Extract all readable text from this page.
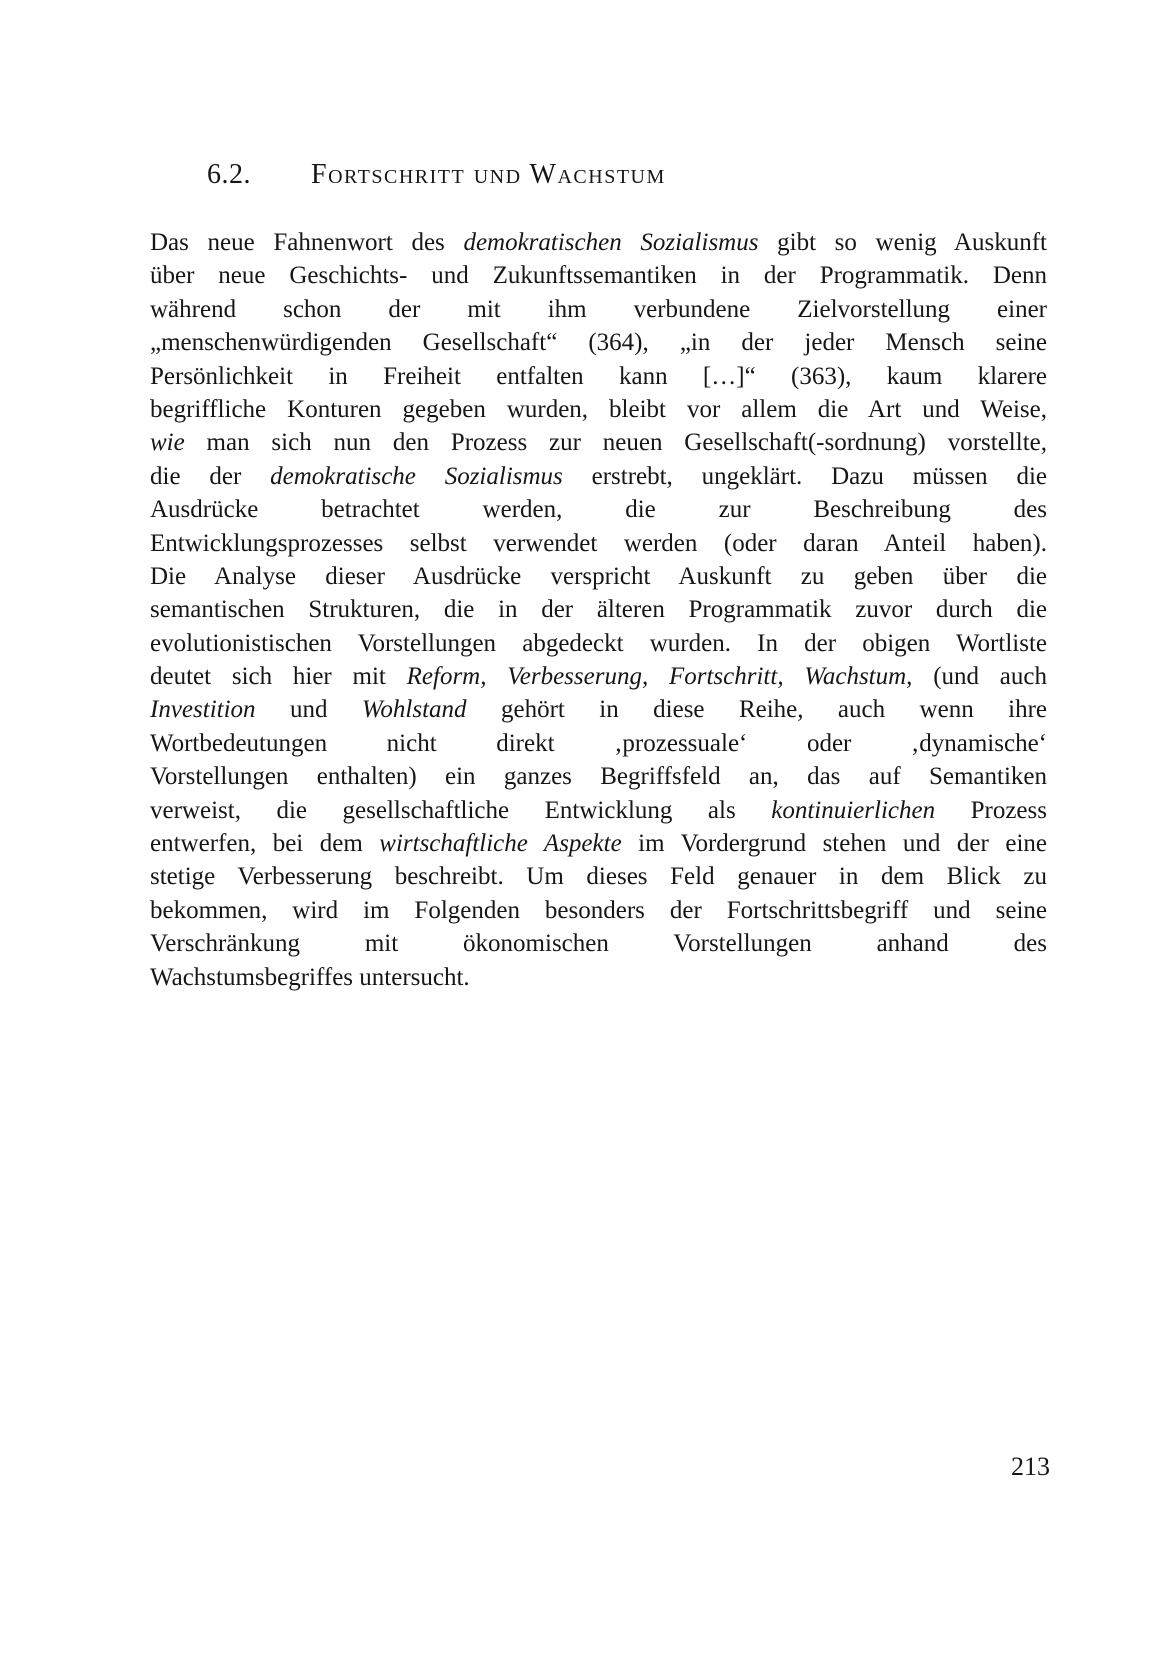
6.2. Fortschritt und Wachstum
Das neue Fahnenwort des demokratischen Sozialismus gibt so wenig Auskunft
über neue Geschichts- und Zukunftssemantiken in der Programmatik. Denn
während schon der mit ihm verbundene Zielvorstellung einer
„menschenwürdigenden Gesellschaft“ (364), „in der jeder Mensch seine
Persönlichkeit in Freiheit entfalten kann […]“ (363), kaum klarere
begriffliche Konturen gegeben wurden, bleibt vor allem die Art und Weise,
wie man sich nun den Prozess zur neuen Gesellschaft(-sordnung) vorstellte,
die der demokratische Sozialismus erstrebt, ungeklärt. Dazu müssen die
Ausdrücke betrachtet werden, die zur Beschreibung des
Entwicklungsprozesses selbst verwendet werden (oder daran Anteil haben).
Die Analyse dieser Ausdrücke verspricht Auskunft zu geben über die
semantischen Strukturen, die in der älteren Programmatik zuvor durch die
evolutionistischen Vorstellungen abgedeckt wurden. In der obigen Wortliste
deutet sich hier mit Reform, Verbesserung, Fortschritt, Wachstum, (und auch
Investition und Wohlstand gehört in diese Reihe, auch wenn ihre
Wortbedeutungen nicht direkt ‚prozessuale‘ oder ‚dynamische‘
Vorstellungen enthalten) ein ganzes Begriffsfeld an, das auf Semantiken
verweist, die gesellschaftliche Entwicklung als kontinuierlichen Prozess
entwerfen, bei dem wirtschaftliche Aspekte im Vordergrund stehen und der eine
stetige Verbesserung beschreibt. Um dieses Feld genauer in dem Blick zu
bekommen, wird im Folgenden besonders der Fortschrittsbegriff und seine
Verschränkung mit ökonomischen Vorstellungen anhand des
Wachstumsbegriffes untersucht.
213
